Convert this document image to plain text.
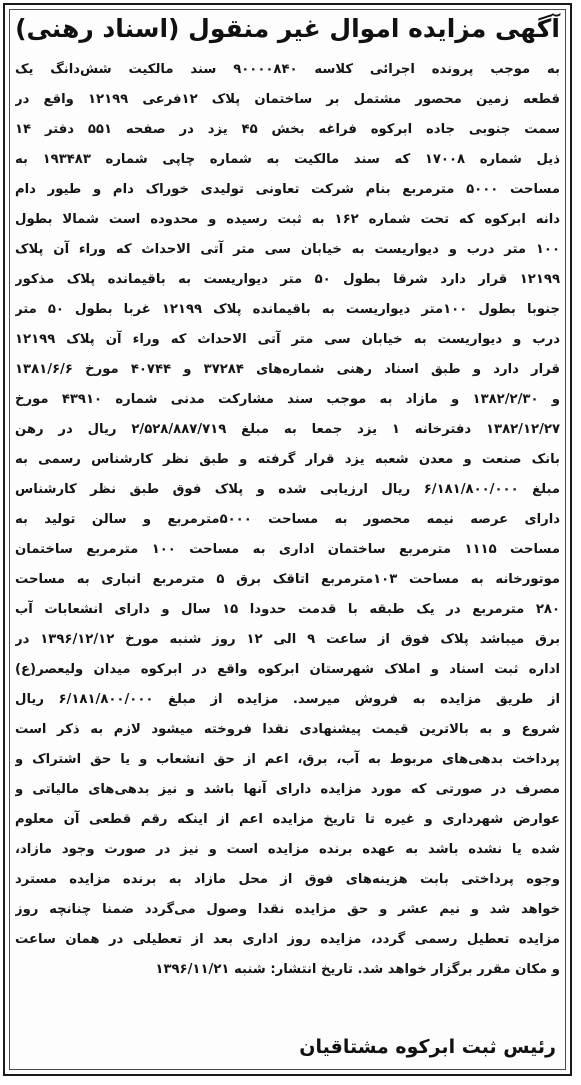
آگهی مزایده اموال غیر منقول (اسناد رهنی)
به موجب پرونده اجرائی کلاسه ۹۰۰۰۰۸۴۰ سند مالکیت شش‌دانگ یک
قطعه زمین محصور مشتمل بر ساختمان پلاک ۱۲فرعی ۱۲۱۹۹ واقع در
سمت جنوبی جاده ابرکوه فراغه بخش ۴۵ یزد در صفحه ۵۵۱ دفتر ۱۴
ذیل شماره ۱۷۰۰۸ که سند مالکیت به شماره چاپی شماره ۱۹۳۴۸۳ به
مساحت ۵۰۰۰ مترمربع بنام شرکت تعاونی تولیدی خوراک دام و طیور دام
دانه ابرکوه که تحت شماره ۱۶۲ به ثبت رسیده و محدوده است شمالا بطول
۱۰۰ متر درب و دیواریست به خیابان سی متر آتی الاحداث که وراء آن پلاک
۱۲۱۹۹ قرار دارد شرقا بطول ۵۰ متر دیواریست به باقیمانده پلاک مذکور
جنوبا بطول ۱۰۰متر دیواریست به باقیمانده پلاک ۱۲۱۹۹ غربا بطول ۵۰ متر
درب و دیواریست به خیابان سی متر آتی الاحداث که وراء آن پلاک ۱۲۱۹۹
قرار دارد و طبق اسناد رهنی شماره‌های ۳۷۲۸۴ و ۴۰۷۴۴ مورخ ۱۳۸۱/۶/۶
و ۱۳۸۲/۲/۳۰ و مازاد به موجب سند مشارکت مدنی شماره ۴۳۹۱۰ مورخ
۱۳۸۲/۱۲/۲۷ دفترخانه ۱ یزد جمعا به مبلغ ۲/۵۲۸/۸۸۷/۷۱۹ ریال در رهن
بانک صنعت و معدن شعبه یزد قرار گرفته و طبق نظر کارشناس رسمی به
مبلغ ۶/۱۸۱/۸۰۰/۰۰۰ ریال ارزیابی شده و پلاک فوق طبق نظر کارشناس
دارای عرصه نیمه محصور به مساحت ۵۰۰۰مترمربع و سالن تولید به
مساحت ۱۱۱۵ مترمربع ساختمان اداری به مساحت ۱۰۰ مترمربع ساختمان
موتورخانه به مساحت ۱۰۳مترمربع اتاقک برق ۵ مترمربع انباری به مساحت
۲۸۰ مترمربع در یک طبقه با قدمت حدودا ۱۵ سال و دارای انشعابات آب
برق میباشد پلاک فوق از ساعت ۹ الی ۱۲ روز شنبه مورخ ۱۳۹۶/۱۲/۱۲ در
اداره ثبت اسناد و املاک شهرستان ابرکوه واقع در ابرکوه میدان ولیعصر(ع)
از طریق مزایده به فروش میرسد. مزایده از مبلغ ۶/۱۸۱/۸۰۰/۰۰۰ ریال
شروع و به بالاترین قیمت پیشنهادی نقدا فروخته میشود لازم به ذکر است
پرداخت بدهی‌های مربوط به آب، برق، اعم از حق انشعاب و یا حق اشتراک و
مصرف در صورتی که مورد مزایده دارای آنها باشد و نیز بدهی‌های مالیاتی و
عوارض شهرداری و غیره تا تاریخ مزایده اعم از اینکه رقم قطعی آن معلوم
شده یا نشده باشد به عهده برنده مزایده است و نیز در صورت وجود مازاد،
وجوه پرداختی بابت هزینه‌های فوق از محل مازاد به برنده مزایده مسترد
خواهد شد و نیم عشر و حق مزایده نقدا وصول می‌گردد ضمنا چنانچه روز
مزایده تعطیل رسمی گردد، مزایده روز اداری بعد از تعطیلی در همان ساعت
و مکان مقرر برگزار خواهد شد. تاریخ انتشار: شنبه ۱۳۹۶/۱۱/۲۱
رئیس ثبت ابرکوه مشتاقیان
